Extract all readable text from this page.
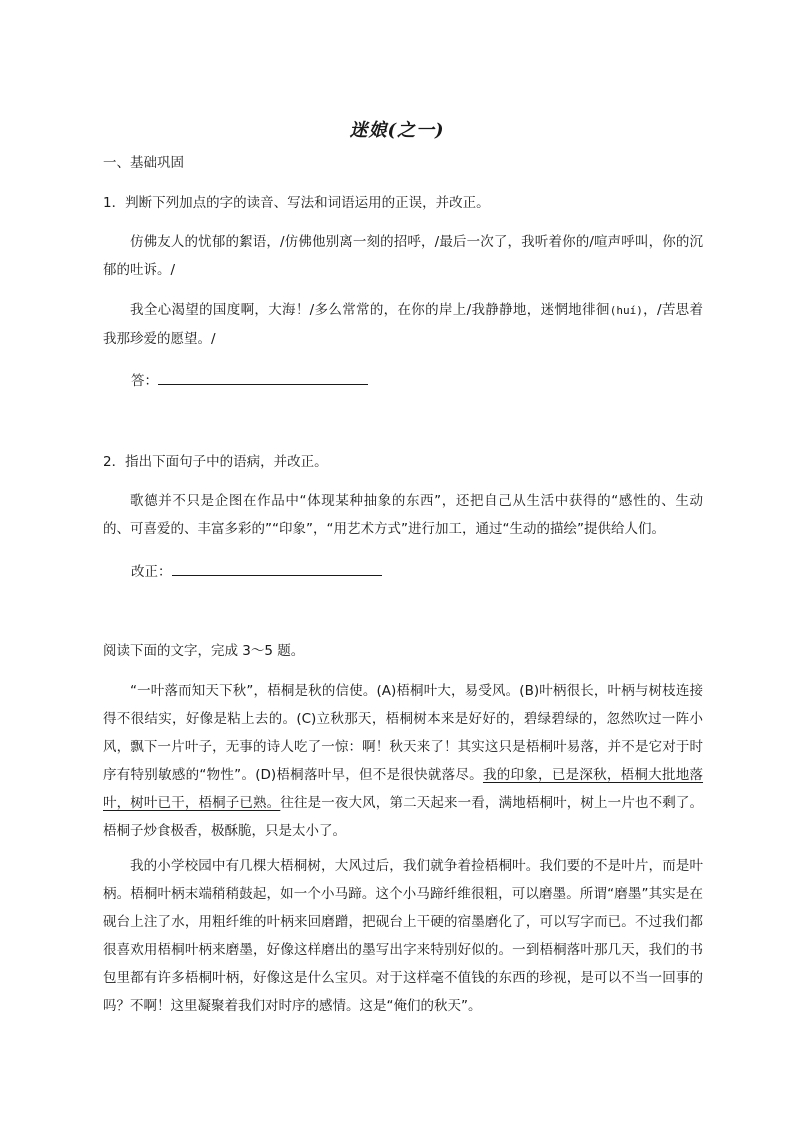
迷娘(之一)
一、基础巩固
1．判断下列加点的字的读音、写法和词语运用的正误，并改正。
仿佛友人的忧郁的絮语，/仿佛他别离一刻的招呼，/最后一次了，我听着你的/喧声呼叫，你的沉郁的吐诉。/
我全心渴望的国度啊，大海！/多么常常的，在你的岸上/我静静地，迷惘地徘徊(huí)，/苦思着我那珍爱的愿望。/
答：
2．指出下面句子中的语病，并改正。
歌德并不只是企图在作品中“体现某种抽象的东西”，还把自己从生活中获得的“感性的、生动的、可喜爱的、丰富多彩的”“印象”，“用艺术方式”进行加工，通过“生动的描绘”提供给人们。
改正：
阅读下面的文字，完成 3～5 题。
“一叶落而知天下秋”，梧桐是秋的信使。(A)梧桐叶大，易受风。(B)叶柄很长，叶柄与树枝连接得不很结实，好像是粘上去的。(C)立秋那天，梧桐树本来是好好的，碧绿碧绿的，忽然吹过一阵小风，飘下一片叶子，无事的诗人吃了一惊：啊！秋天来了！其实这只是梧桐叶易落，并不是它对于时序有特别敏感的“物性”。(D)梧桐落叶早，但不是很快就落尽。我的印象，已是深秋，梧桐大批地落叶，树叶已干，梧桐子已熟。往往是一夜大风，第二天起来一看，满地梧桐叶，树上一片也不剩了。梧桐子炒食极香，极酥脆，只是太小了。
我的小学校园中有几棵大梧桐树，大风过后，我们就争着捡梧桐叶。我们要的不是叶片，而是叶柄。梧桐叶柄末端稍稍鼓起，如一个小马蹄。这个小马蹄纤维很粗，可以磨墨。所谓“磨墨”其实是在砚台上注了水，用粗纤维的叶柄来回磨蹭，把砚台上干硬的宿墨磨化了，可以写字而已。不过我们都很喜欢用梧桐叶柄来磨墨，好像这样磨出的墨写出字来特别好似的。一到梧桐落叶那几天，我们的书包里都有许多梧桐叶柄，好像这是什么宝贝。对于这样毫不值钱的东西的珍视，是可以不当一回事的吗？不啊！这里凝聚着我们对时序的感情。这是“俺们的秋天”。
